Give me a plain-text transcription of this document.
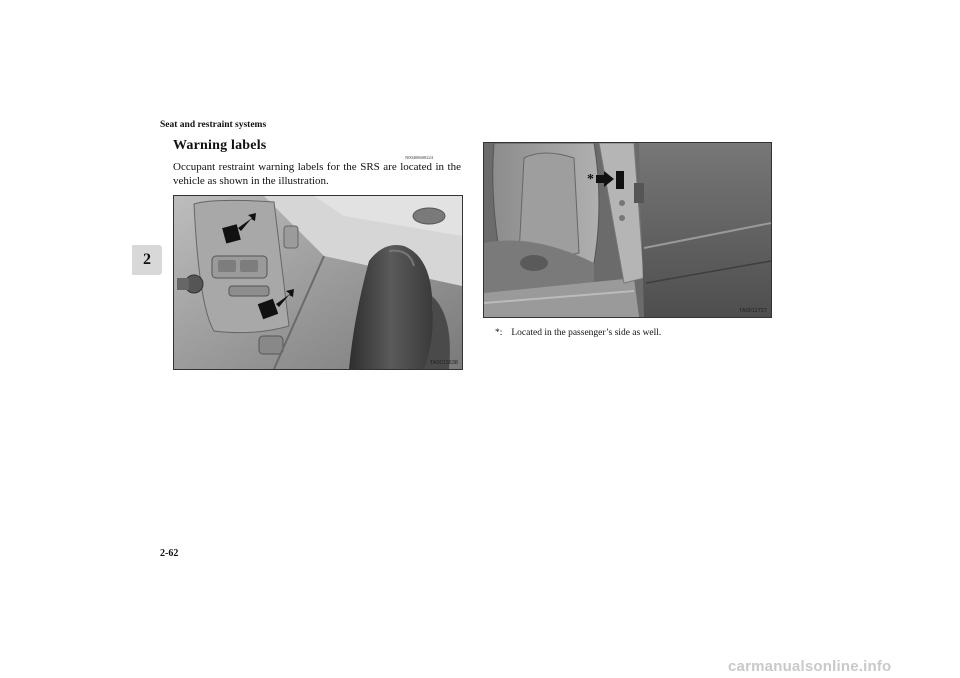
Seat and restraint systems
2
Warning labels
N00408600224

Occupant restraint warning labels for the SRS are located in the vehicle as shown in the illustration.

TA0013638
*
TA0012727
*: Located in the passenger’s side as well.
2-62
carmanualsonline.info
